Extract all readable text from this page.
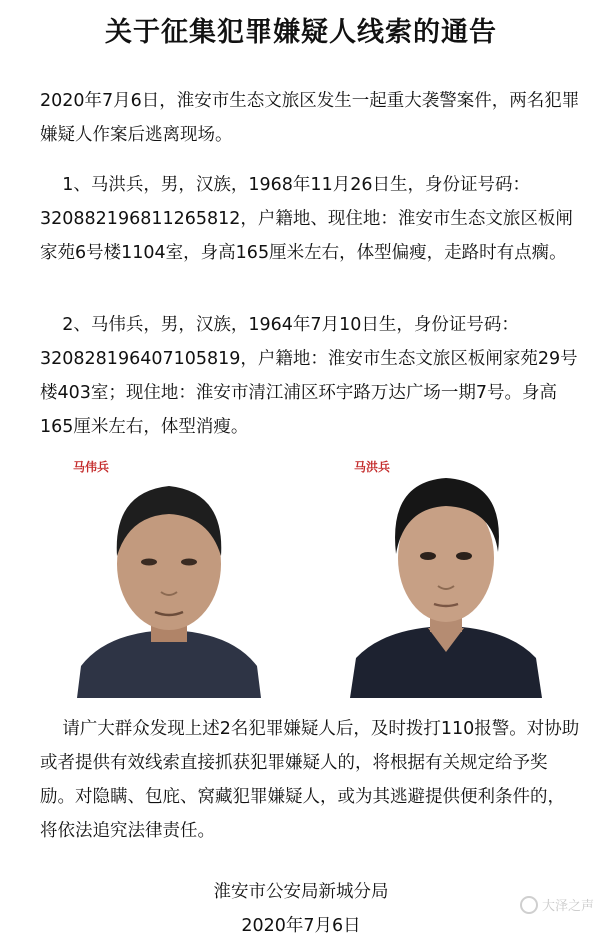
关于征集犯罪嫌疑人线索的通告

2020年7月6日，淮安市生态文旅区发生一起重大袭警案件，两名犯罪嫌疑人作案后逃离现场。

1、马洪兵，男，汉族，1968年11月26日生，身份证号码：320882196811265812，户籍地、现住地：淮安市生态文旅区板闸家苑6号楼1104室，身高165厘米左右，体型偏瘦，走路时有点瘸。

2、马伟兵，男，汉族，1964年7月10日生，身份证号码：320828196407105819，户籍地：淮安市生态文旅区板闸家苑29号楼403室；现住地：淮安市清江浦区环宇路万达广场一期7号。身高165厘米左右，体型消瘦。

马伟兵	马洪兵

请广大群众发现上述2名犯罪嫌疑人后，及时拨打110报警。对协助或者提供有效线索直接抓获犯罪嫌疑人的，将根据有关规定给予奖励。对隐瞒、包庇、窝藏犯罪嫌疑人，或为其逃避提供便利条件的，将依法追究法律责任。

淮安市公安局新城分局
2020年7月6日
大泽之声
